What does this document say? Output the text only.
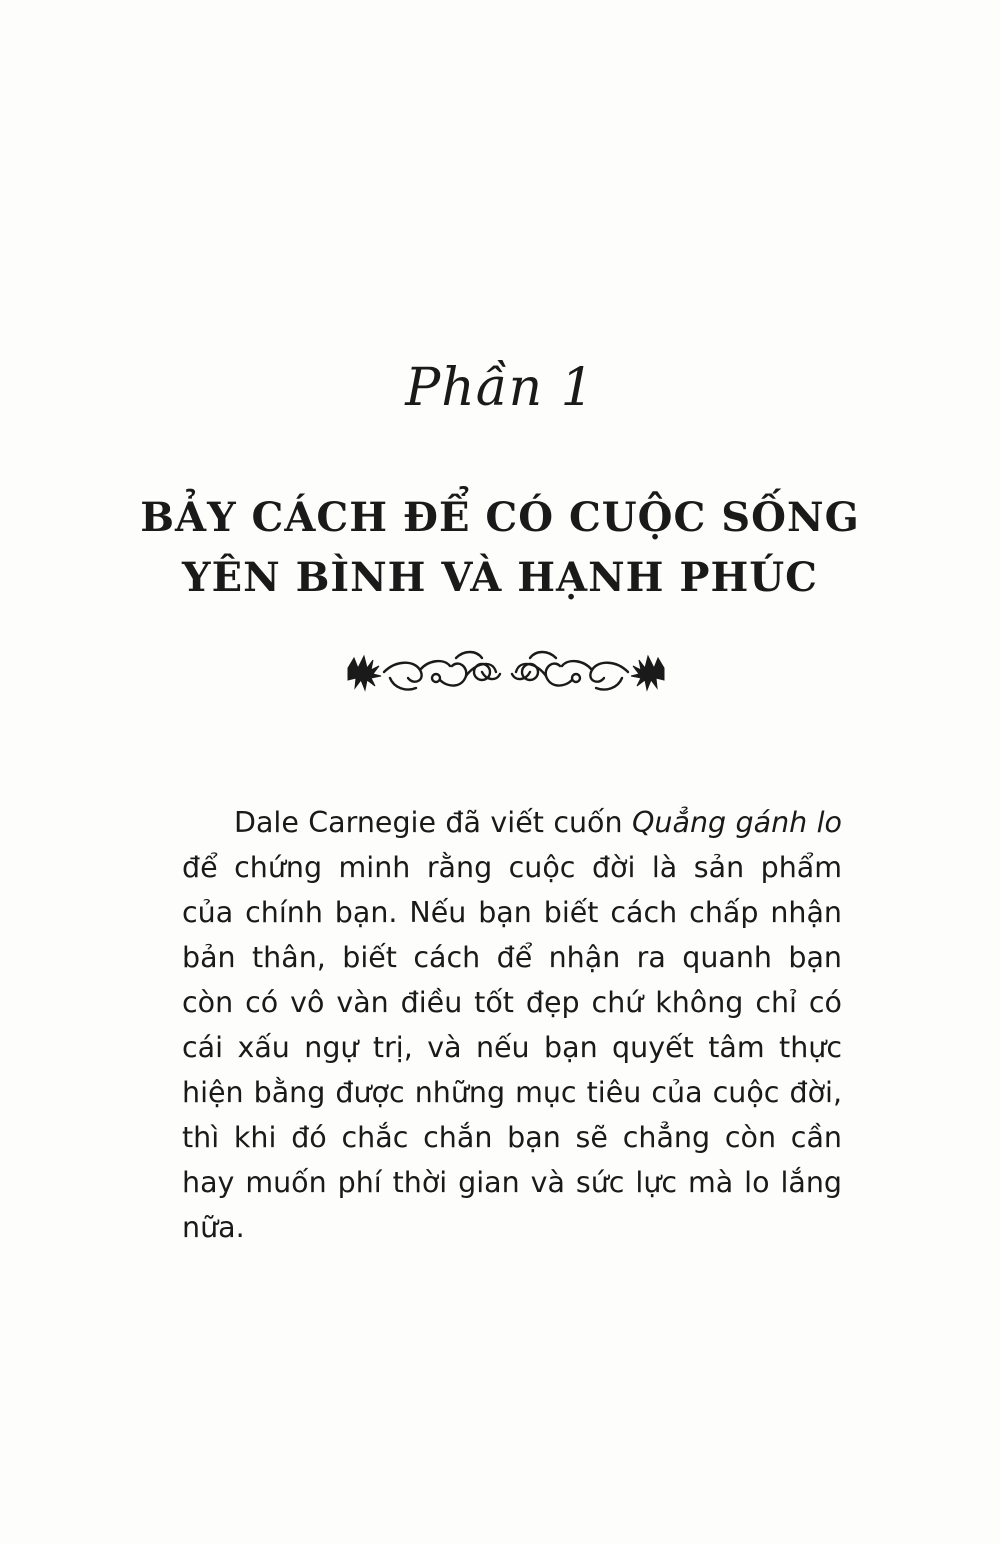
Phần 1
BẢY CÁCH ĐỂ CÓ CUỘC SỐNG
YÊN BÌNH VÀ HẠNH PHÚC

Dale Carnegie đã viết cuốn Quẳng gánh lo để chứng minh rằng cuộc đời là sản phẩm của chính bạn. Nếu bạn biết cách chấp nhận bản thân, biết cách để nhận ra quanh bạn còn có vô vàn điều tốt đẹp chứ không chỉ có cái xấu ngự trị, và nếu bạn quyết tâm thực hiện bằng được những mục tiêu của cuộc đời, thì khi đó chắc chắn bạn sẽ chẳng còn cần hay muốn phí thời gian và sức lực mà lo lắng nữa.
